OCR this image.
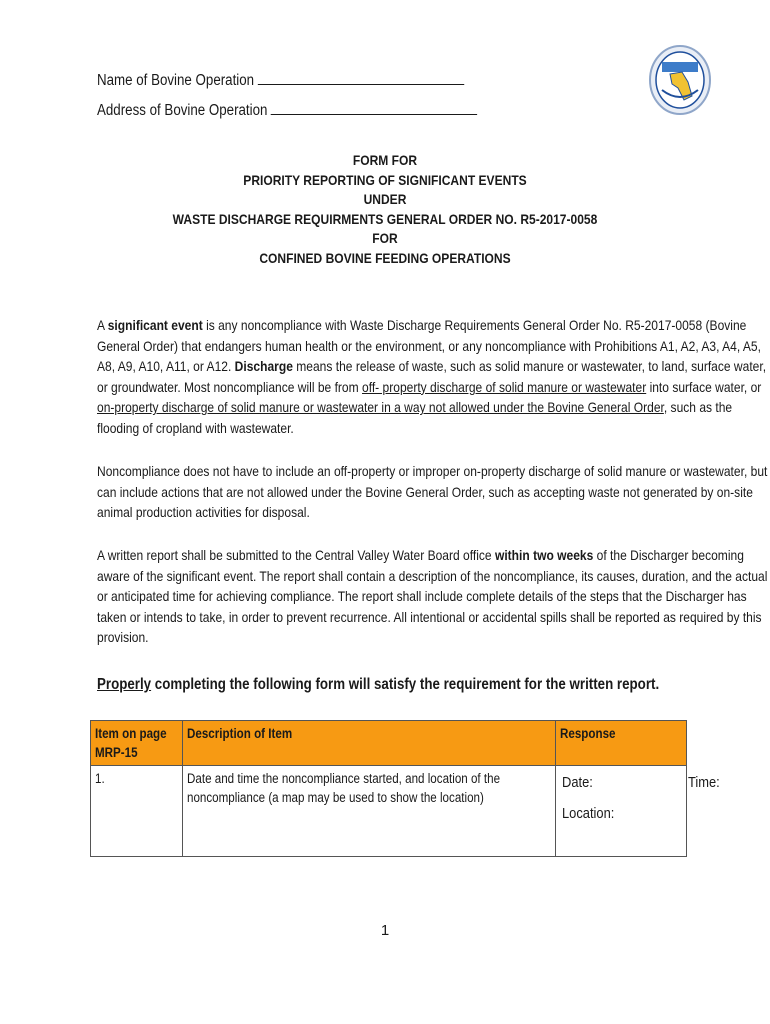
Name of Bovine Operation
Address of Bovine Operation
FORM FOR
PRIORITY REPORTING OF SIGNIFICANT EVENTS
UNDER
WASTE DISCHARGE REQUIRMENTS GENERAL ORDER NO. R5-2017-0058
FOR
CONFINED BOVINE FEEDING OPERATIONS
A significant event is any noncompliance with Waste Discharge Requirements General Order No. R5-2017-0058 (Bovine
General Order) that endangers human health or the environment, or any noncompliance with Prohibitions A1, A2, A3, A4, A5,
A8, A9, A10, A11, or A12. Discharge means the release of waste, such as solid manure or wastewater, to land, surface water,
or groundwater. Most noncompliance will be from off- property discharge of solid manure or wastewater into surface water, or
on-property discharge of solid manure or wastewater in a way not allowed under the Bovine General Order, such as the
flooding of cropland with wastewater.
Noncompliance does not have to include an off-property or improper on-property discharge of solid manure or wastewater, but
can include actions that are not allowed under the Bovine General Order, such as accepting waste not generated by on-site
animal production activities for disposal.
A written report shall be submitted to the Central Valley Water Board office within two weeks of the Discharger becoming
aware of the significant event. The report shall contain a description of the noncompliance, its causes, duration, and the actual
or anticipated time for achieving compliance. The report shall include complete details of the steps that the Discharger has
taken or intends to take, in order to prevent recurrence. All intentional or accidental spills shall be reported as required by this
provision.
Properly completing the following form will satisfy the requirement for the written report.
Item on page
MRP-15	Description of Item	Response

1.	Date and time the noncompliance started, and location of the
noncompliance (a map may be used to show the location)	Date: Time:
Location:
1
